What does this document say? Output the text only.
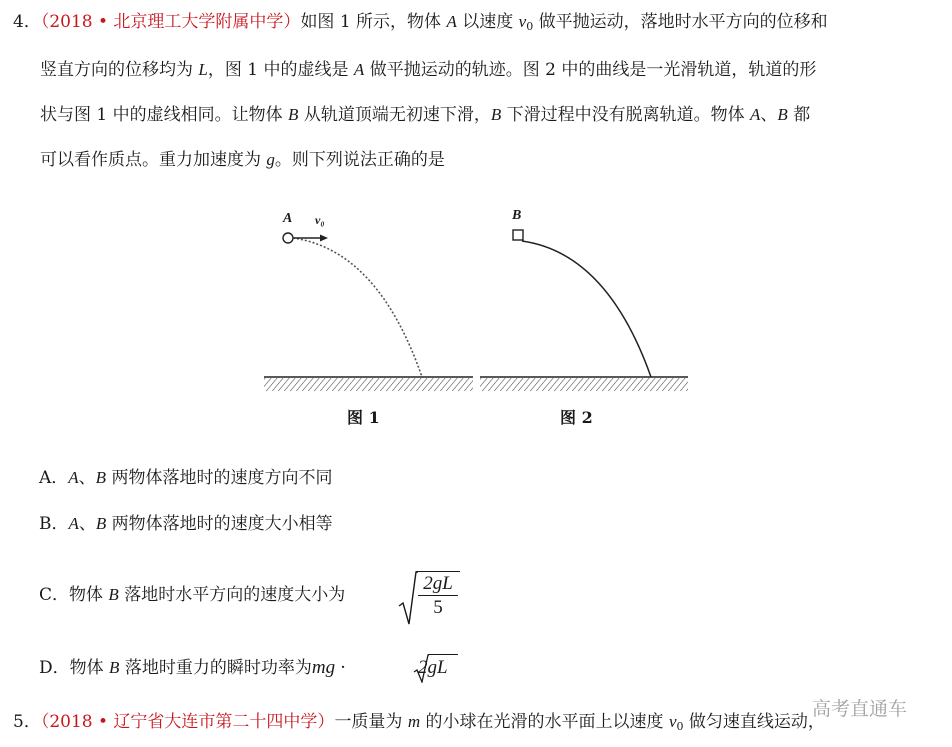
4．（2018 • 北京理工大学附属中学）如图 1 所示，物体 A 以速度 $v_0$ 做平抛运动，落地时水平方向的位移和
竖直方向的位移均为 L，图 1 中的虚线是 A 做平抛运动的轨迹。图 2 中的曲线是一光滑轨道，轨道的形
状与图 1 中的虚线相同。让物体 B 从轨道顶端无初速下滑，B 下滑过程中没有脱离轨道。物体 A、B 都
可以看作质点。重力加速度为 g。则下列说法正确的是
A v₀	B
图 1	图 2
A．A、B 两物体落地时的速度方向不同
B．A、B 两物体落地时的速度大小相等
C．物体 B 落地时水平方向的速度大小为	$\frac{2gL}{5}$
D．物体 B 落地时重力的瞬时功率为mg ·	2gL
5．（2018 • 辽宁省大连市第二十四中学）一质量为 m 的小球在光滑的水平面上以速度 $v_0$ 做匀速直线运动，
高考直通车
